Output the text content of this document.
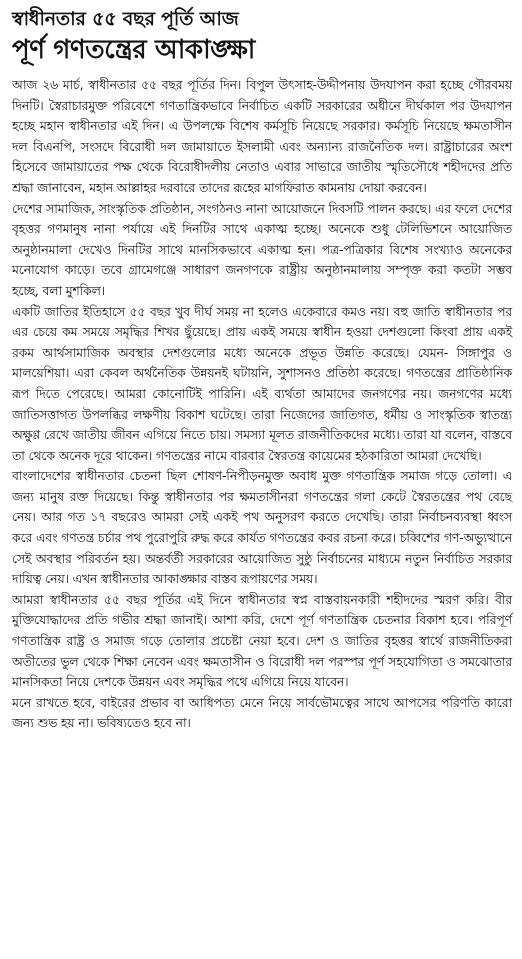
স্বাধীনতার ৫৫ বছর পূর্তি আজ
পূর্ণ গণতন্ত্রের আকাঙ্ক্ষা

আজ ২৬ মার্চ, স্বাধীনতার ৫৫ বছর পূর্তির দিন। বিপুল উৎসাহ-উদ্দীপনায় উদযাপন করা হচ্ছে গৌরবময় দিনটি। স্বৈরাচারমুক্ত পরিবেশে গণতান্ত্রিকভাবে নির্বাচিত একটি সরকারের অধীনে দীর্ঘকাল পর উদযাপন হচ্ছে মহান স্বাধীনতার এই দিন। এ উপলক্ষে বিশেষ কর্মসূচি নিয়েছে সরকার। কর্মসূচি নিয়েছে ক্ষমতাসীন দল বিএনপি, সংসদে বিরোধী দল জামায়াতে ইসলামী এবং অন্যান্য রাজনৈতিক দল। রাষ্ট্রাচারের অংশ হিসেবে জামায়াতের পক্ষ থেকে বিরোধীদলীয় নেতাও এবার সাভারে জাতীয় স্মৃতিসৌধে শহীদদের প্রতি শ্রদ্ধা জানাবেন, মহান আল্লাহর দরবারে তাদের রূহের মাগফিরাত কামনায় দোয়া করবেন।

দেশের সামাজিক, সাংস্কৃতিক প্রতিষ্ঠান, সংগঠনও নানা আয়োজনে দিবসটি পালন করছে। এর ফলে দেশের বৃহত্তর গণমানুষ নানা পর্যায়ে এই দিনটির সাথে একাত্ম হচ্ছে। অনেকে শুধু টেলিভিশনে আয়োজিত অনুষ্ঠানমালা দেখেও দিনটির সাথে মানসিকভাবে একাত্ম হন। পত্র-পত্রিকার বিশেষ সংখ্যাও অনেকের মনোযোগ কাড়ে। তবে গ্রামেগঞ্জে সাধারণ জনগণকে রাষ্ট্রীয় অনুষ্ঠানমালায় সম্পৃক্ত করা কতটা সম্ভব হচ্ছে, বলা মুশকিল।

একটি জাতির ইতিহাসে ৫৫ বছর খুব দীর্ঘ সময় না হলেও একেবারে কমও নয়। বহু জাতি স্বাধীনতার পর এর চেয়ে কম সময়ে সমৃদ্ধির শিখর ছুঁয়েছে। প্রায় একই সময়ে স্বাধীন হওয়া দেশগুলো কিংবা প্রায় একই রকম আর্থসামাজিক অবস্থার দেশগুলোর মধ্যে অনেকে প্রভূত উন্নতি করেছে। যেমন- সিঙ্গাপুর ও মালয়েশিয়া। এরা কেবল অর্থনৈতিক উন্নয়নই ঘটায়নি, সুশাসনও প্রতিষ্ঠা করেছে। গণতন্ত্রের প্রাতিষ্ঠানিক রূপ দিতে পেরেছে। আমরা কোনোটিই পারিনি। এই ব্যর্থতা আমাদের জনগণের নয়। জনগণের মধ্যে জাতিসত্তাগত উপলব্ধির লক্ষণীয় বিকাশ ঘটেছে। তারা নিজেদের জাতিগত, ধর্মীয় ও সাংস্কৃতিক স্বাতন্ত্র্য অক্ষুণ্ণ রেখে জাতীয় জীবন এগিয়ে নিতে চায়। সমস্যা মূলত রাজনীতিকদের মধ্যে। তারা যা বলেন, বাস্তবে তা থেকে অনেক দূরে থাকেন। গণতন্ত্রের নামে বারবার স্বৈরতন্ত্র কায়েমের হঠকারিতা আমরা দেখেছি।

বাংলাদেশের স্বাধীনতার চেতনা ছিল শোষণ-নিপীড়নমুক্ত অবাধ মুক্ত গণতান্ত্রিক সমাজ গড়ে তোলা। এ জন্য মানুষ রক্ত দিয়েছে। কিন্তু স্বাধীনতার পর ক্ষমতাসীনরা গণতন্ত্রের গলা কেটে স্বৈরতন্ত্রের পথ বেছে নেয়। আর গত ১৭ বছরেও আমরা সেই একই পথ অনুসরণ করতে দেখেছি। তারা নির্বাচনব্যবস্থা ধ্বংস করে এবং গণতন্ত্র চর্চার পথ পুরোপুরি রুদ্ধ করে কার্যত গণতন্ত্রের কবর রচনা করে। চব্বিশের গণ-অভ্যুত্থানে সেই অবস্থার পরিবর্তন হয়। অন্তর্বর্তী সরকারের আয়োজিত সুষ্ঠু নির্বাচনের মাধ্যমে নতুন নির্বাচিত সরকার দায়িত্ব নেয়। এখন স্বাধীনতার আকাঙ্ক্ষার বাস্তব রূপায়ণের সময়।

আমরা স্বাধীনতার ৫৫ বছর পূর্তির এই দিনে স্বাধীনতার স্বপ্ন বাস্তবায়নকারী শহীদদের স্মরণ করি। বীর মুক্তিযোদ্ধাদের প্রতি গভীর শ্রদ্ধা জানাই। আশা করি, দেশে পূর্ণ গণতান্ত্রিক চেতনার বিকাশ হবে। পরিপূর্ণ গণতান্ত্রিক রাষ্ট্র ও সমাজ গড়ে তোলার প্রচেষ্টা নেয়া হবে। দেশ ও জাতির বৃহত্তর স্বার্থে রাজনীতিকরা অতীতের ভুল থেকে শিক্ষা নেবেন এবং ক্ষমতাসীন ও বিরোধী দল পরস্পর পূর্ণ সহযোগিতা ও সমঝোতার মানসিকতা নিয়ে দেশকে উন্নয়ন এবং সমৃদ্ধির পথে এগিয়ে নিয়ে যাবেন।

মনে রাখতে হবে, বাইরের প্রভাব বা আধিপত্য মেনে নিয়ে সার্বভৌমত্বের সাথে আপসের পরিণতি কারো জন্য শুভ হয় না। ভবিষ্যতেও হবে না।
